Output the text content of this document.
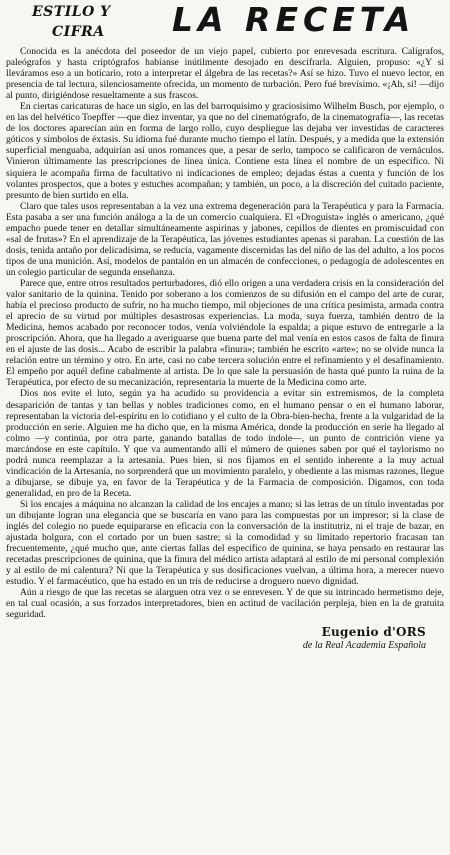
ESTILO Y
CIFRA LA RECETA

Conocida es la anécdota del poseedor de un viejo papel, cubierto por enrevesada escritura. Calígrafos, paleógrafos y hasta criptógrafos habíanse inútilmente desojado en descifrarla. Alguien, propuso: «¿Y si lleváramos eso a un boticario, roto a interpretar el álgebra de las recetas?» Así se hizo. Tuvo el nuevo lector, en presencia de tal lectura, silenciosamente ofrecida, un momento de turbación. Pero fué brevísimo. «¡Ah, sí! —dijo al punto, dirigiéndose resueltamente a sus frascos.

En ciertas caricaturas de hace un siglo, en las del barroquísimo y graciosísimo Wilhelm Busch, por ejemplo, o en las del helvético Toepffer —que diez inventar, ya que no del cinematógrafo, de la cinematografía—, las recetas de los doctores aparecían aún en forma de largo rollo, cuyo despliegue las dejaba ver investidas de caracteres góticos y símbolos de éxtasis. Su idioma fué durante mucho tiempo el latín. Después, y a medida que la extensión superficial menguaba, adquirían así unos romances que, a pesar de serlo, tampoco se calificaron de vernáculos. Vinieron últimamente las prescripciones de línea única. Contiene esta línea el nombre de un específico. Ni siquiera le acompaña firma de facultativo ni indicaciones de empleo; dejadas éstas a cuenta y función de los volantes prospectos, que a botes y estuches acompañan; y también, un poco, a la discreción del cuitado paciente, presunto de bien surtido en ella.

Claro que tales usos representaban a la vez una extrema degeneración para la Terapéutica y para la Farmacia. Esta pasaba a ser una función análoga a la de un comercio cualquiera. El «Droguista» inglés o americano, ¿qué empacho puede tener en detallar simultáneamente aspirinas y jabones, cepillos de dientes en promiscuidad con «sal de frutas»? En el aprendizaje de la Terapéutica, las jóvenes estudiantes apenas si paraban. La cuestión de las dosis, tenida antaño por delicadísima, se reducía, vagamente discernidas las del niño de las del adulto, a los pocos tipos de una munición. Así, modelos de pantalón en un almacén de confecciones, o pedagogía de adolescentes en un colegio particular de segunda enseñanza.

Parece que, entre otros resultados perturbadores, dió ello origen a una verdadera crisis en la consideración del valor sanitario de la quinina. Tenido por soberano a los comienzos de su difusión en el campo del arte de curar, había el precioso producto de sufrir, no ha mucho tiempo, mil objeciones de una crítica pesimista, armada contra el aprecio de su virtud por múltiples desastrosas experiencias. La moda, suya fuerza, también dentro de la Medicina, hemos acabado por reconocer todos, venía volviéndole la espalda; a pique estuvo de entregarle a la proscripción. Ahora, que ha llegado a averiguarse que buena parte del mal venía en estos casos de falta de finura en el ajuste de las dosis... Acabo de escribir la palabra «finura»; también he escrito «arte»; no se olvide nunca la relación entre un término y otro. En arte, casi no cabe tercera solución entre el refinamiento y el desafinamiento. El empeño por aquél define cabalmente al artista. De lo que sale la persuasión de hasta qué punto la ruina de la Terapéutica, por efecto de su mecanización, representaría la muerte de la Medicina como arte.

Dios nos evite el luto, según ya ha acudido su providencia a evitar sin extremismos, de la completa desaparición de tantas y tan bellas y nobles tradiciones como, en el humano pensar o en el humano laborar, representaban la victoria del-espíritu en lo cotidiano y el culto de la Obra-bien-hecha, frente a la vulgaridad de la producción en serie. Alguien me ha dicho que, en la misma América, donde la producción en serie ha llegado al colmo —y continúa, por otra parte, ganando batallas de todo índole—, un punto de contrición viene ya marcándose en este capítulo. Y que va aumentando allí el número de quienes saben por qué el taylorismo no podrá nunca reemplazar a la artesanía. Pues bien, si nos fijamos en el sentido inherente a la muy actual vindicación de la Artesanía, no sorprenderá que un movimiento paralelo, y obediente a las mismas razones, llegue a dibujarse, se dibuje ya, en favor de la Terapéutica y de la Farmacia de composición. Digamos, con toda generalidad, en pro de la Receta.

Si los encajes a máquina no alcanzan la calidad de los encajes a mano; si las letras de un título inventadas por un dibujante logran una elegancia que se buscaría en vano para las compuestas por un impresor; si la clase de inglés del colegio no puede equipararse en eficacia con la conversación de la institutriz, ni el traje de bazar, en ajustada holgura, con el cortado por un buen sastre; si la comodidad y su limitado repertorio fracasan tan frecuentemente, ¿qué mucho que, ante ciertas fallas del específico de quinina, se haya pensado en restaurar las recetadas prescripciones de quinina, que la finura del médico artista adaptará al estilo de mi personal complexión y al estilo de mi calentura? Ni que la Terapéutica y sus dosificaciones vuelvan, a última hora, a merecer nuevo estudio. Y el farmacéutico, que ha estado en un trís de reducirse a droguero nuevo dignidad.

Aún a riesgo de que las recetas se alarguen otra vez o se enrevesen. Y de que su intrincado hermetismo deje, en tal cual ocasión, a sus forzados interpretadores, bien en actitud de vacilación perpleja, bien en la de gratuita seguridad.

Eugenio d'ORS
de la Real Academia Española
